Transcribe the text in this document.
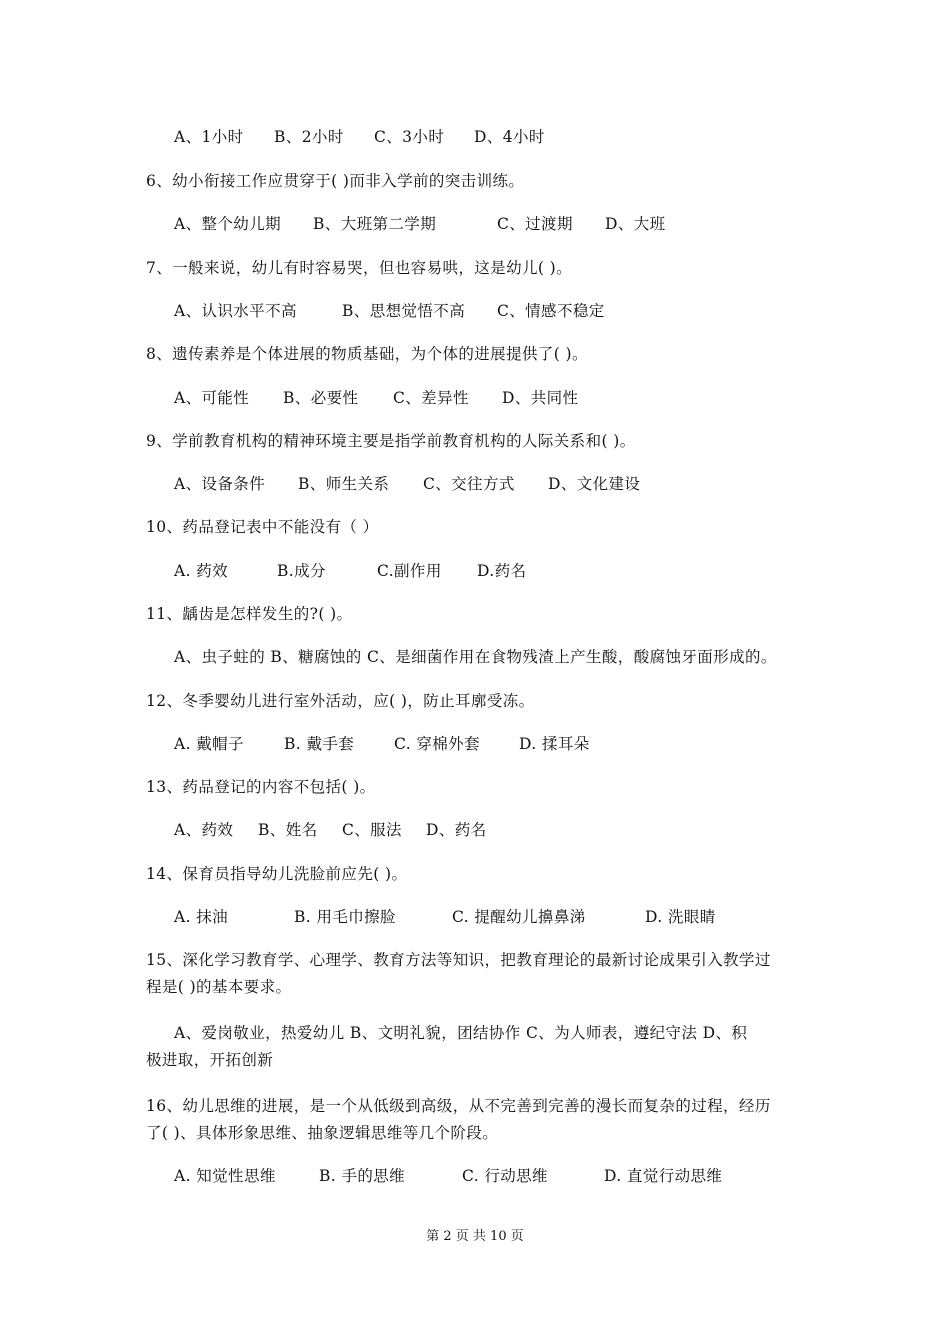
A、1小时 B、2小时 C、3小时 D、4小时
6、幼小衔接工作应贯穿于( )而非入学前的突击训练。
A、整个幼儿期 B、大班第二学期	C、过渡期 D、大班
7、一般来说，幼儿有时容易哭，但也容易哄，这是幼儿( )。
A、认识水平不高	B、思想觉悟不高 C、情感不稳定
8、遗传素养是个体进展的物质基础，为个体的进展提供了( )。
A、可能性 B、必要性 C、差异性 D、共同性
9、学前教育机构的精神环境主要是指学前教育机构的人际关系和( )。
A、设备条件 B、师生关系 C、交往方式 D、文化建设
10、药品登记表中不能没有（ ）
A. 药效	B.成分	C.副作用 D.药名
11、龋齿是怎样发生的?( )。
A、虫子蛀的 B、糖腐蚀的 C、是细菌作用在食物残渣上产生酸，酸腐蚀牙面形成的。
12、冬季婴幼儿进行室外活动，应( )，防止耳廓受冻。
A. 戴帽子	B. 戴手套	C. 穿棉外套	D. 揉耳朵
13、药品登记的内容不包括( )。
A、药效 B、姓名 C、服法 D、药名
14、保育员指导幼儿洗脸前应先( )。
A. 抹油	B. 用毛巾擦脸	C. 提醒幼儿擤鼻涕	D. 洗眼睛
15、深化学习教育学、心理学、教育方法等知识，把教育理论的最新讨论成果引入教学过
程是( )的基本要求。
A、爱岗敬业，热爱幼儿 B、文明礼貌，团结协作 C、为人师表，遵纪守法 D、积
极进取，开拓创新
16、幼儿思维的进展，是一个从低级到高级，从不完善到完善的漫长而复杂的过程，经历
了( )、具体形象思维、抽象逻辑思维等几个阶段。
A. 知觉性思维	B. 手的思维	C. 行动思维	D. 直觉行动思维
第 2 页 共 10 页
